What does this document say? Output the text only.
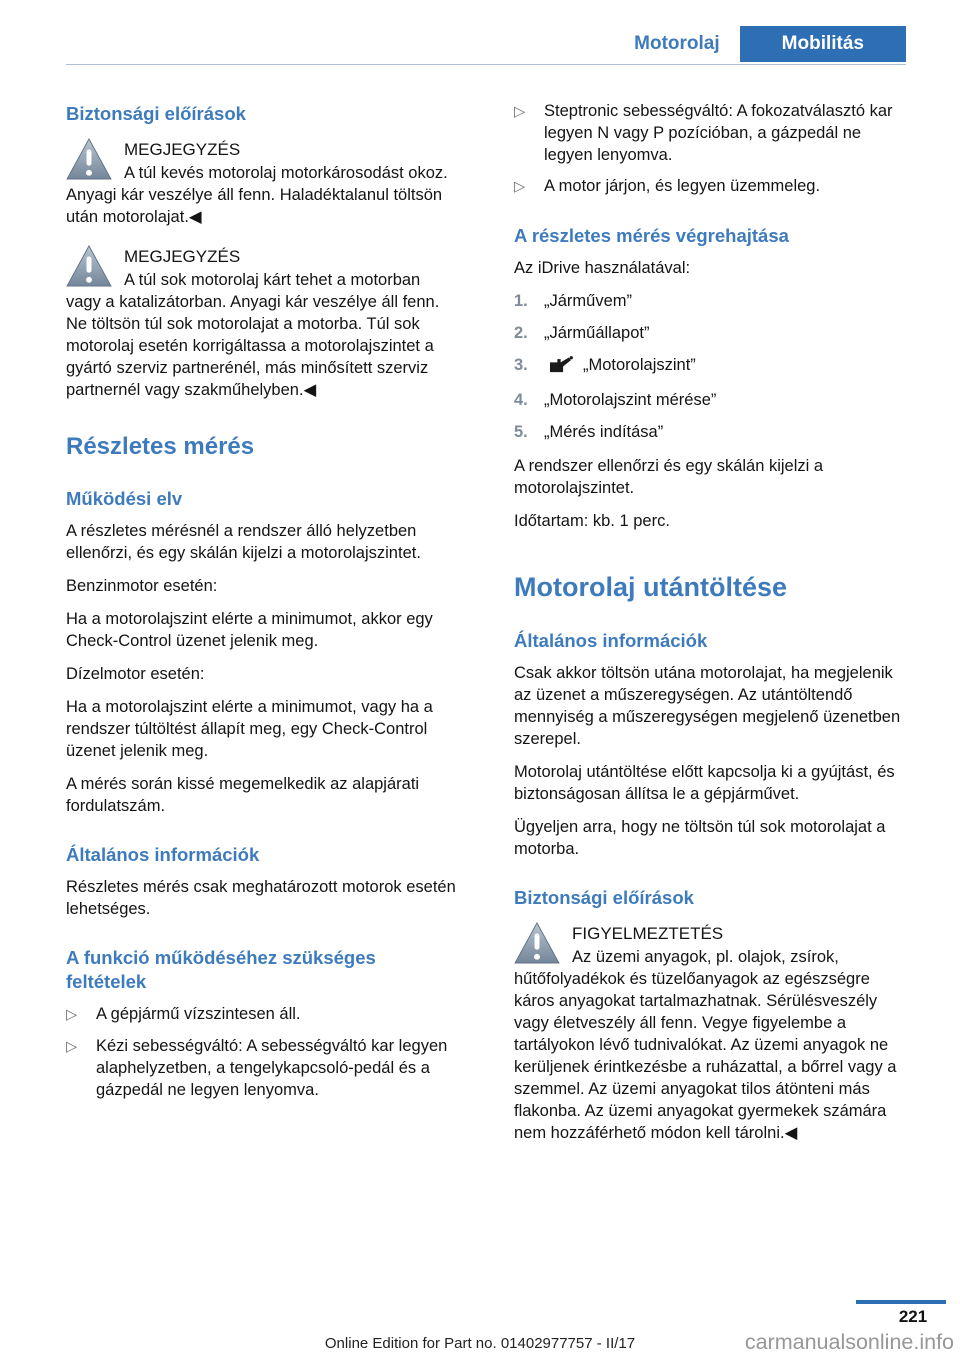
Motorolaj	Mobilitás
Biztonsági előírások
MEGJEGYZÉS
A túl kevés motorolaj motorkárosodást okoz. Anyagi kár veszélye áll fenn. Haladéktalanul töltsön után motorolajat.◀
MEGJEGYZÉS
A túl sok motorolaj kárt tehet a motorban vagy a katalizátorban. Anyagi kár veszélye áll fenn. Ne töltsön túl sok motorolajat a motorba. Túl sok motorolaj esetén korrigáltassa a motorolajszintet a gyártó szerviz partnerénél, más minősített szerviz partnernél vagy szakműhelyben.◀
Részletes mérés
Működési elv

A részletes mérésnél a rendszer álló helyzetben ellenőrzi, és egy skálán kijelzi a motorolajszintet.

Benzinmotor esetén:

Ha a motorolajszint elérte a minimumot, akkor egy Check-Control üzenet jelenik meg.

Dízelmotor esetén:

Ha a motorolajszint elérte a minimumot, vagy ha a rendszer túltöltést állapít meg, egy Check-Control üzenet jelenik meg.

A mérés során kissé megemelkedik az alapjárati fordulatszám.

Általános információk

Részletes mérés csak meghatározott motorok esetén lehetséges.

A funkció működéséhez szükséges feltételek
▷	A gépjármű vízszintesen áll.
▷	Kézi sebességváltó: A sebességváltó kar legyen alaphelyzetben, a tengelykapcsoló-pedál és a gázpedál ne legyen lenyomva.
▷	Steptronic sebességváltó: A fokozatválasztó kar legyen N vagy P pozícióban, a gázpedál ne legyen lenyomva.
▷	A motor járjon, és legyen üzemmeleg.
A részletes mérés végrehajtása

Az iDrive használatával:

1. „Járművem”
2. „Járműállapot”
3.	„Motorolajszint”
4. „Motorolajszint mérése”
5. „Mérés indítása”

A rendszer ellenőrzi és egy skálán kijelzi a motorolajszintet.

Időtartam: kb. 1 perc.

Motorolaj utántöltése
Általános információk

Csak akkor töltsön utána motorolajat, ha megjelenik az üzenet a műszeregységen. Az utántöltendő mennyiség a műszeregységen megjelenő üzenetben szerepel.

Motorolaj utántöltése előtt kapcsolja ki a gyújtást, és biztonságosan állítsa le a gépjárművet.

Ügyeljen arra, hogy ne töltsön túl sok motorolajat a motorba.

Biztonsági előírások
FIGYELMEZTETÉS
Az üzemi anyagok, pl. olajok, zsírok, hűtőfolyadékok és tüzelőanyagok az egészségre káros anyagokat tartalmazhatnak. Sérülésveszély vagy életveszély áll fenn. Vegye figyelembe a tartályokon lévő tudnivalókat. Az üzemi anyagok ne kerüljenek érintkezésbe a ruházattal, a bőrrel vagy a szemmel. Az üzemi anyagokat tilos átönteni más flakonba. Az üzemi anyagokat gyermekek számára nem hozzáférhető módon kell tárolni.◀
221
Online Edition for Part no. 01402977757 - II/17	carmanualsonline.info
